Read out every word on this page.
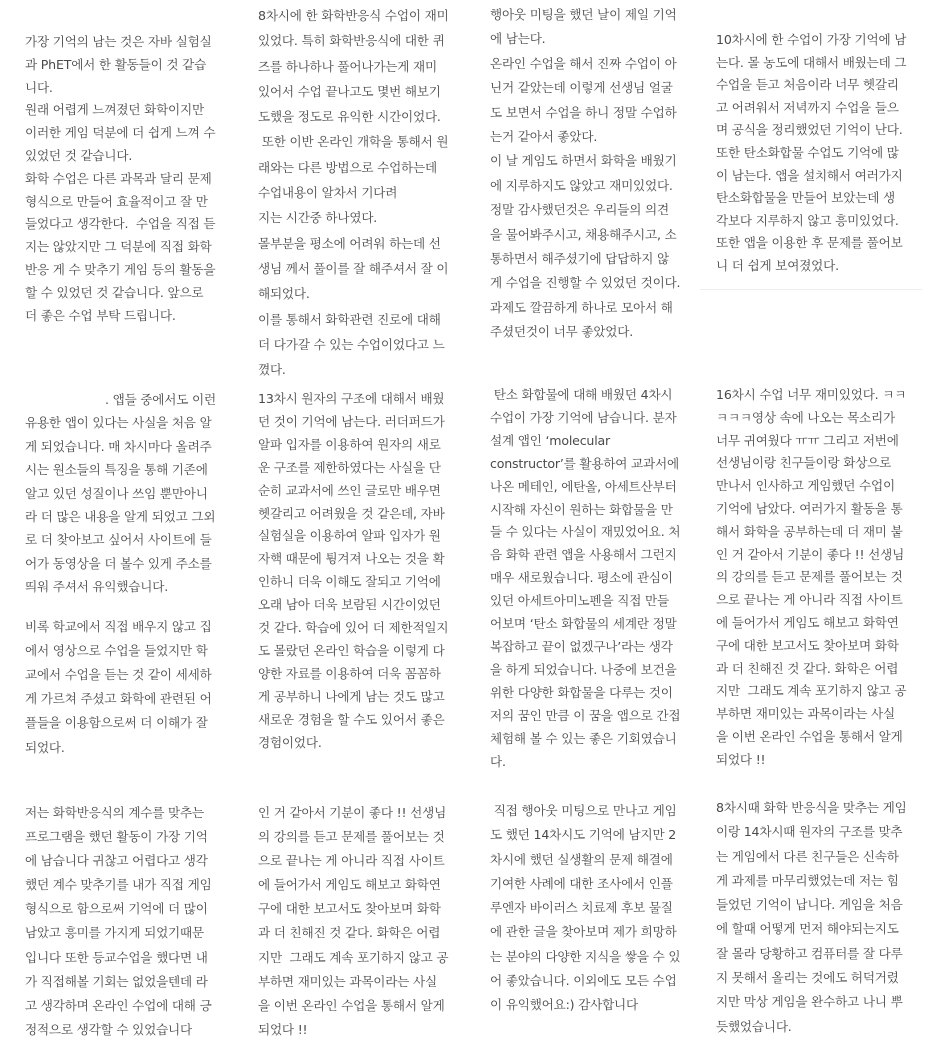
가장 기억의 남는 것은 자바 실험실
과 PhET에서 한 활동들이 것 같습
니다.
원래 어렵게 느껴졌던 화학이지만
이러한 게임 덕분에 더 쉽게 느껴 수
있었던 것 같습니다.
화학 수업은 다른 과목과 달리 문제
형식으로 만들어 효율적이고 잘 만
들었다고 생각한다.  수업을 직접 듣
지는 않았지만 그 덕분에 직접 화학
반응 게 수 맞추기 게임 등의 활동을
할 수 있었던 것 같습니다. 앞으로
더 좋은 수업 부탁 드립니다.
8차시에 한 화학반응식 수업이 재미
있었다. 특히 화학반응식에 대한 퀴
즈를 하나하나 풀어나가는게 재미
있어서 수업 끝나고도 몇번 해보기
도했을 정도로 유익한 시간이었다.
또한 이반 온라인 개학을 통해서 원
래와는 다른 방법으로 수업하는데
수업내용이 알차서 기다려
지는 시간중 하나였다.
몰부분을 평소에 어려워 하는데 선
생님 께서 풀이를 잘 해주셔서 잘 이
해되었다.
이를 통해서 화학관련 진로에 대해
더 다가갈 수 있는 수업이었다고 느
꼈다.
행아웃 미팅을 했던 날이 제일 기억
에 남는다.
온라인 수업을 해서 진짜 수업이 아
닌거 같았는데 이렇게 선생님 얼굴
도 보면서 수업을 하니 정말 수업하
는거 같아서 좋았다.
이 날 게임도 하면서 화학을 배웠기
에 지루하지도 않았고 재미있었다.
정말 감사했던것은 우리들의 의견
을 물어봐주시고, 채용해주시고, 소
통하면서 해주셨기에 답답하지 않
게 수업을 진행할 수 있었던 것이다.
과제도 깔끔하게 하나로 모아서 해
주셨던것이 너무 좋았었다.
10차시에 한 수업이 가장 기억에 남
는다. 몰 농도에 대해서 배웠는데 그
수업을 듣고 처음이라 너무 헷갈리
고 어려워서 저녁까지 수업을 들으
며 공식을 정리했었던 기억이 난다.
또한 탄소화합물 수업도 기억에 많
이 남는다. 앱을 설치해서 여러가지
탄소화합물을 만들어 보았는데 생
각보다 지루하지 않고 흥미있었다.
또한 앱을 이용한 후 문제를 풀어보
니 더 쉽게 보여졌었다.
. 앱들 중에서도 이런
유용한 앱이 있다는 사실을 처음 알
게 되었습니다. 매 차시마다 올려주
시는 원소들의 특징을 통해 기존에
알고 있던 성질이나 쓰임 뿐만아니
라 더 많은 내용을 알게 되었고 그외
로 더 찾아보고 싶어서 사이트에 들
어가 동영상을 더 볼수 있게 주소를
띄워 주셔서 유익했습니다.
비록 학교에서 직접 배우지 않고 집
에서 영상으로 수업을 들었지만 학
교에서 수업을 듣는 것 같이 세세하
게 가르쳐 주셨고 화학에 관련된 어
플들을 이용함으로써 더 이해가 잘
되었다.
13차시 원자의 구조에 대해서 배웠
던 것이 기억에 남는다. 러더퍼드가
알파 입자를 이용하여 원자의 새로
운 구조를 제한하였다는 사실을 단
순히 교과서에 쓰인 글로만 배우면
헷갈리고 어려웠을 것 같은데, 자바
실험실을 이용하여 알파 입자가 원
자핵 때문에 튕겨져 나오는 것을 확
인하니 더욱 이해도 잘되고 기억에
오래 남아 더욱 보람된 시간이었던
것 같다. 학습에 있어 더 제한적일지
도 몰랐던 온라인 학습을 이렇게 다
양한 자료를 이용하여 더욱 꼼꼼하
게 공부하니 나에게 남는 것도 많고
새로운 경험을 할 수도 있어서 좋은
경험이었다.
탄소 화합물에 대해 배웠던 4차시
수업이 가장 기억에 남습니다. 분자
설계 앱인 ‘molecular
constructor’를 활용하여 교과서에
나온 메테인, 에탄올, 아세트산부터
시작해 자신이 원하는 화합물을 만
들 수 있다는 사실이 재밌었어요. 처
음 화학 관련 앱을 사용해서 그런지
매우 새로웠습니다. 평소에 관심이
있던 아세트아미노펜을 직접 만들
어보며 ‘탄소 화합물의 세계란 정말
복잡하고 끝이 없겠구나’라는 생각
을 하게 되었습니다. 나중에 보건을
위한 다양한 화합물을 다루는 것이
저의 꿈인 만큼 이 꿈을 앱으로 간접
체험해 볼 수 있는 좋은 기회였습니
다.
16차시 수업 너무 재미있었다. ㅋㅋ
ㅋㅋㅋ영상 속에 나오는 목소리가
너무 귀여웠다 ㅠㅠ 그리고 저번에
선생님이랑 친구들이랑 화상으로
만나서 인사하고 게임했던 수업이
기억에 남았다. 여러가지 활동을 통
해서 화학을 공부하는데 더 재미 붙
인 거 같아서 기분이 좋다 !! 선생님
의 강의를 듣고 문제를 풀어보는 것
으로 끝나는 게 아니라 직접 사이트
에 들어가서 게임도 해보고 화학연
구에 대한 보고서도 찾아보며 화학
과 더 친해진 것 같다. 화학은 어렵
지만  그래도 계속 포기하지 않고 공
부하면 재미있는 과목이라는 사실
을 이번 온라인 수업을 통해서 알게
되었다 !!
저는 화학반응식의 계수를 맞추는
프로그램을 했던 활동이 가장 기억
에 남습니다 귀찮고 어렵다고 생각
했던 계수 맞추기를 내가 직접 게임
형식으로 함으로써 기억에 더 많이
남았고 흥미를 가지게 되었기때문
입니다 또한 등교수업을 했다면 내
가 직접해볼 기회는 없었을텐데 라
고 생각하며 온라인 수업에 대해 긍
정적으로 생각할 수 있었습니다
인 거 같아서 기분이 좋다 !! 선생님
의 강의를 듣고 문제를 풀어보는 것
으로 끝나는 게 아니라 직접 사이트
에 들어가서 게임도 해보고 화학연
구에 대한 보고서도 찾아보며 화학
과 더 친해진 것 같다. 화학은 어렵
지만  그래도 계속 포기하지 않고 공
부하면 재미있는 과목이라는 사실
을 이번 온라인 수업을 통해서 알게
되었다 !!
직접 행아웃 미팅으로 만나고 게임
도 했던 14차시도 기억에 남지만 2
차시에 했던 실생활의 문제 해결에
기여한 사례에 대한 조사에서 인플
루엔자 바이러스 치료제 후보 물질
에 관한 글을 찾아보며 제가 희망하
는 분야의 다양한 지식을 쌓을 수 있
어 좋았습니다. 이외에도 모든 수업
이 유익했어요:) 감사합니다
8차시때 화학 반응식을 맞추는 게임
이랑 14차시때 원자의 구조를 맞추
는 게임에서 다른 친구들은 신속하
게 과제를 마무리했었는데 저는 힘
들었던 기억이 납니다. 게임을 처음
에 할때 어떻게 먼저 해야되는지도
잘 몰라 당황하고 컴퓨터를 잘 다루
지 못해서 올리는 것에도 허덕거렸
지만 막상 게임을 완수하고 나니 뿌
듯했었습니다.
